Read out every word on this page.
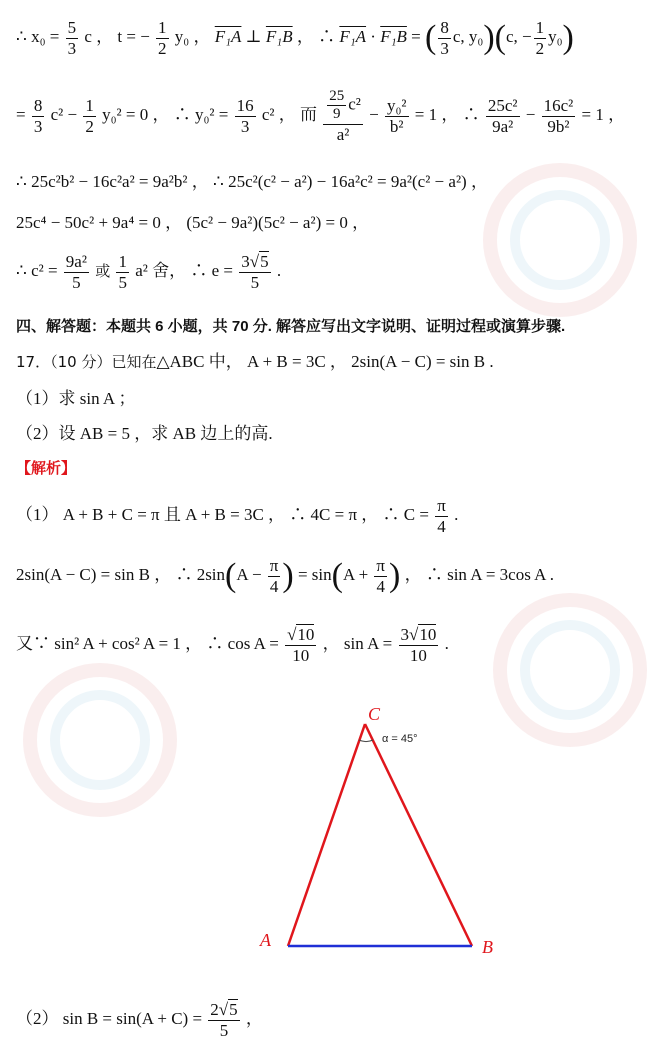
∴ $x_0 = \frac{5}{3}$ c ， t = − $\frac{1}{2} y_0$ ， F₁A ⊥ F₁B ， ∴ F₁A · F₁B = ( $\frac{8}{3} c$, y₀)(c, − $\frac{1}{2} y_0$)
= $\frac{8}{3} c^2 - \frac{1}{2} y_0^2 = 0$ ， ∴ $y_0^2 = \frac{16}{3} c^2$ ， 而 $\frac{\frac{25}{9} c^2}{\text{a²}} - \frac{\text{y₀²}}{\text{b²}} = 1$ ， ∴ $\frac{\text{25c²}}{\text{9a²}} - \frac{\text{16c²}}{\text{9b²}} = 1$ ，
∴ 25c²b² − 16c²a² = 9a²b² ， ∴ 25c²(c² − a²) − 16a²c² = 9a²(c² − a²) ，
25c⁴ − 50c² + 9a⁴ = 0 ， (5c² − 9a²)(5c² − a²) = 0 ，
∴ $c^2 = \frac{\text{9a²}}{5}$ 或 $\frac{1}{5} a^2$ 舍， ∴ $e = \frac{3√5}{5}$ .
四、解答题：本题共 6 小题，共 70 分. 解答应写出文字说明、证明过程或演算步骤.
17．（10 分）已知在△ABC 中， A + B = 3C ， 2sin(A − C) = sin B .
（1）求 sin A ；
（2）设 AB = 5 ，求 AB 边上的高.
【解析】
（1） A + B + C = π 且 A + B = 3C ， ∴ 4C = π ， ∴ $C = \frac{\pi}{4}$ .
2sin(A − C) = sin B ， ∴ $2\sin(A - \frac{\pi}{4}$ ) = $\sin(A + \frac{\pi}{4}$ ) ， ∴ sin A = 3cos A .
又∵ sin² A + cos² A = 1 ， ∴ $\cos A = \frac{√10}{10}$ ， $\sin A = \frac{3√10}{10}$ .
C
α = 45°
A	B
（2） $\sin B = \sin(A + C) = \frac{2√5}{5}$ ，
